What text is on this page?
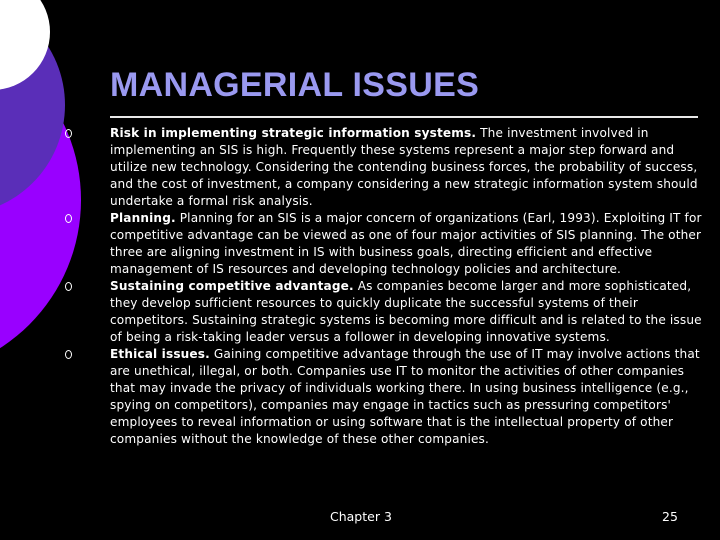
MANAGERIAL ISSUES
Risk in implementing strategic information systems. The investment involved in implementing an SIS is high. Frequently these systems represent a major step forward and utilize new technology. Considering the contending business forces, the probability of success, and the cost of investment, a company considering a new strategic information system should undertake a formal risk analysis.
Planning. Planning for an SIS is a major concern of organizations (Earl, 1993). Exploiting IT for competitive advantage can be viewed as one of four major activities of SIS planning. The other three are aligning investment in IS with business goals, directing efficient and effective management of IS resources and developing technology policies and architecture.
Sustaining competitive advantage. As companies become larger and more sophisticated, they develop sufficient resources to quickly duplicate the successful systems of their competitors. Sustaining strategic systems is becoming more difficult and is related to the issue of being a risk-taking leader versus a follower in developing innovative systems.
Ethical issues. Gaining competitive advantage through the use of IT may involve actions that are unethical, illegal, or both. Companies use IT to monitor the activities of other companies that may invade the privacy of individuals working there. In using business intelligence (e.g., spying on competitors), companies may engage in tactics such as pressuring competitors' employees to reveal information or using software that is the intellectual property of other companies without the knowledge of these other companies.
Chapter 3	25
